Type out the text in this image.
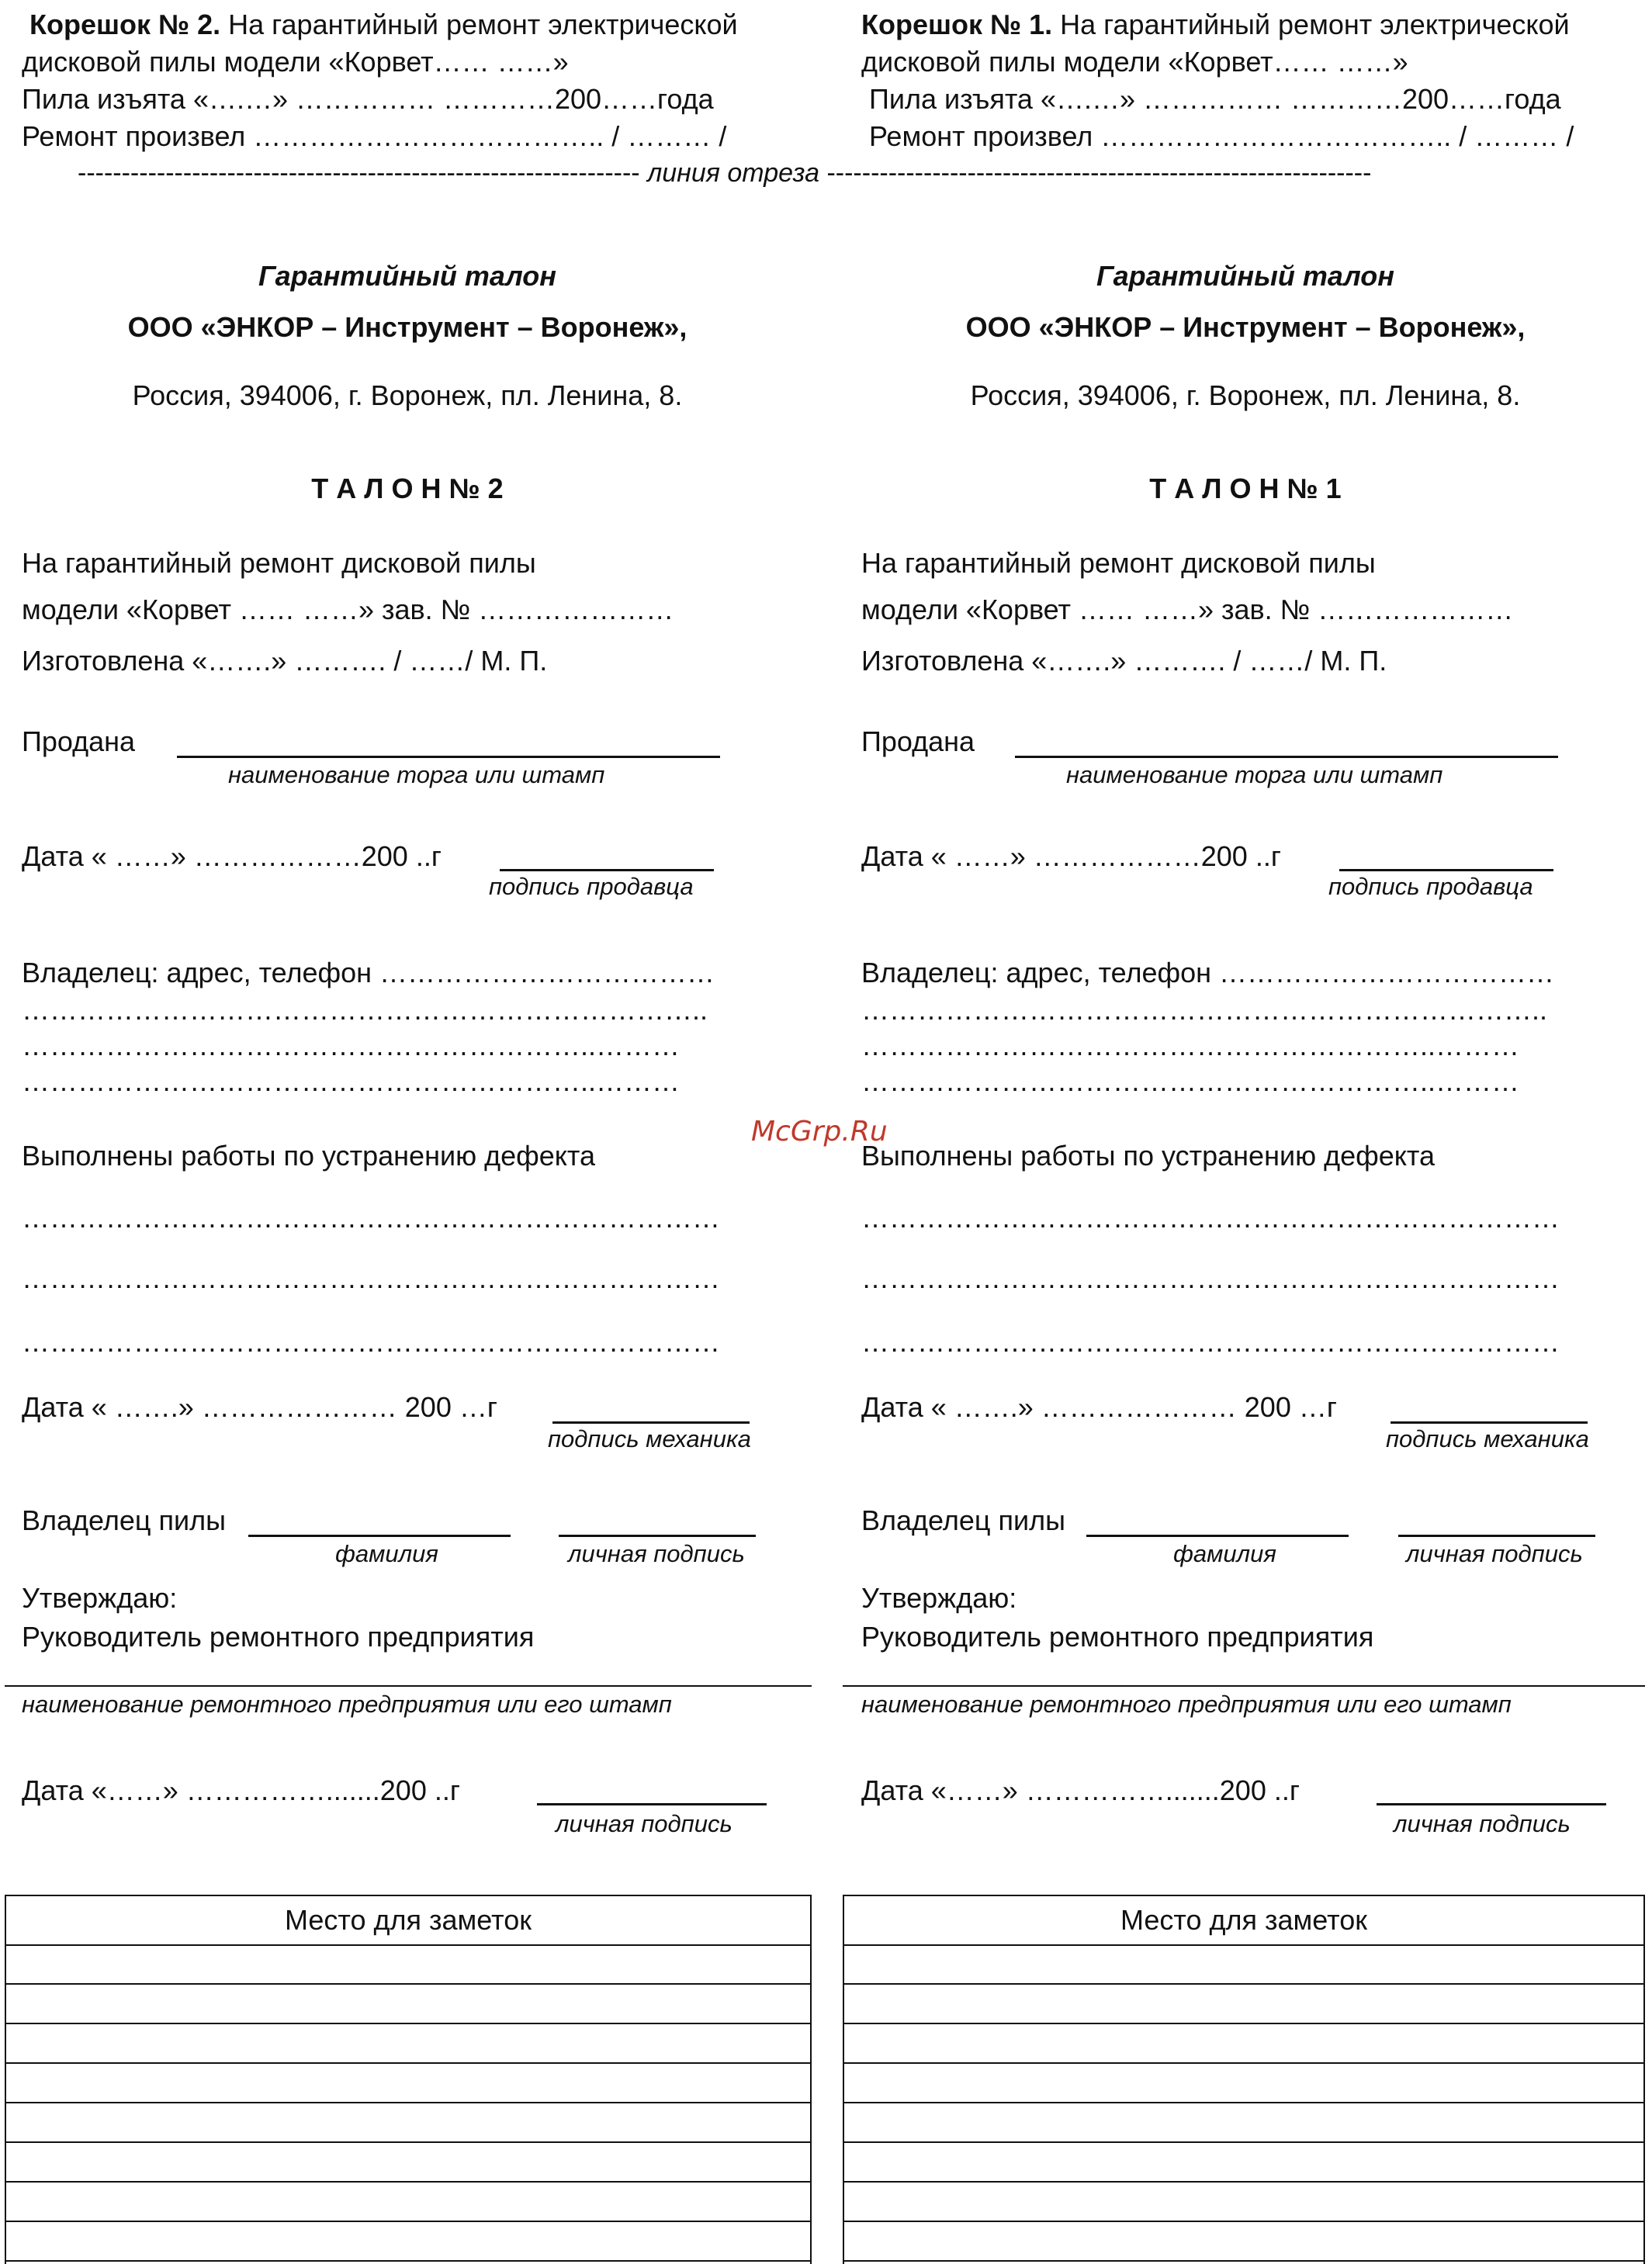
Корешок № 2. На гарантийный ремонт электрической
дисковой пилы модели «Корвет…… ……»
Пила изъята «….…» …………… …………200……года
Ремонт произвел ……………………………….. / ……… /
Корешок № 1. На гарантийный ремонт электрической
дисковой пилы модели «Корвет…… ……»
Пила изъята «….…» …………… …………200……года
Ремонт произвел ……………………………….. / ……… /
---------------------------------------------------------------- линия отреза --------------------------------------------------------------
McGrp.Ru
Гарантийный талон
ООО «ЭНКОР – Инструмент – Воронеж»,
Россия, 394006, г. Воронеж, пл. Ленина, 8.
Т А Л О Н № 2
На гарантийный ремонт дисковой пилы
модели «Корвет …… ……» зав. № …………………
Изготовлена «…….» ………. / ……/ М. П.
Продана
наименование торга или штамп
Дата « ……» ………………200 ..г
подпись продавца
Владелец: адрес, телефон ………………………………
………………………………………………………………..
……………………………………………………..………
……………………………………………………..………
Выполнены работы по устранению дефекта
…………………………………………………………………
…………………………………………………………………
…………………………………………………………………
Дата « …….» ………………… 200 …г
подпись механика
Владелец пилы
фамилия	личная подпись
Утверждаю:
Руководитель ремонтного предприятия
наименование ремонтного предприятия или его штамп
Дата «……» …………….......200 ..г
личная подпись
Место для заметок
Гарантийный талон
ООО «ЭНКОР – Инструмент – Воронеж»,
Россия, 394006, г. Воронеж, пл. Ленина, 8.
Т А Л О Н № 1
На гарантийный ремонт дисковой пилы
модели «Корвет …… ……» зав. № …………………
Изготовлена «…….» ………. / ……/ М. П.
Продана
наименование торга или штамп
Дата « ……» ………………200 ..г
подпись продавца
Владелец: адрес, телефон ………………………………
………………………………………………………………..
……………………………………………………..………
……………………………………………………..………
Выполнены работы по устранению дефекта
…………………………………………………………………
…………………………………………………………………
…………………………………………………………………
Дата « …….» ………………… 200 …г
подпись механика
Владелец пилы
фамилия	личная подпись
Утверждаю:
Руководитель ремонтного предприятия
наименование ремонтного предприятия или его штамп
Дата «……» …………….......200 ..г
личная подпись
Место для заметок
